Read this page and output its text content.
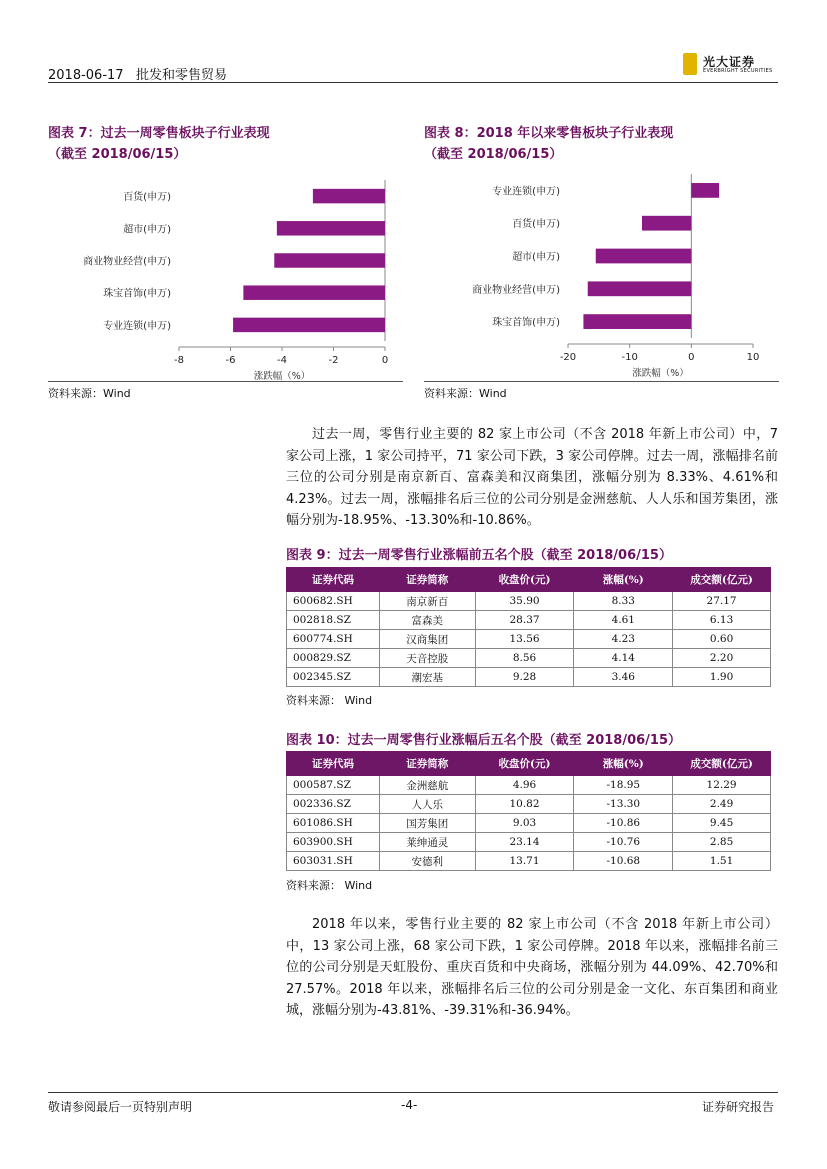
2018-06-17 批发和零售贸易
光大证券
EVERBRIGHT SECURITIES
图表 7：过去一周零售板块子行业表现
（截至 2018/06/15）
-8	-6	-4	-2	0
涨跌幅（%）
百货(申万)
超市(申万)
商业物业经营(申万)
珠宝首饰(申万)
专业连锁(申万)
资料来源：Wind
图表 8：2018 年以来零售板块子行业表现
（截至 2018/06/15）
-20	-10	0	10
涨跌幅（%）
专业连锁(申万)
百货(申万)
超市(申万)
商业物业经营(申万)
珠宝首饰(申万)
资料来源：Wind
过去一周，零售行业主要的 82 家上市公司（不含 2018 年新上市公司）中，7 家公司上涨，1 家公司持平，71 家公司下跌，3 家公司停牌。过去一周，涨幅排名前三位的公司分别是南京新百、富森美和汉商集团，涨幅分别为 8.33%、4.61%和 4.23%。过去一周，涨幅排名后三位的公司分别是金洲慈航、人人乐和国芳集团，涨幅分别为-18.95%、-13.30%和-10.86%。
图表 9：过去一周零售行业涨幅前五名个股（截至 2018/06/15）
证券代码	证券简称	收盘价(元)	涨幅(%)	成交额(亿元)
600682.SH	南京新百	35.90	8.33	27.17
002818.SZ	富森美	28.37	4.61	6.13
600774.SH	汉商集团	13.56	4.23	0.60
000829.SZ	天音控股	8.56	4.14	2.20
002345.SZ	潮宏基	9.28	3.46	1.90
资料来源： Wind
图表 10：过去一周零售行业涨幅后五名个股（截至 2018/06/15）
证券代码	证券简称	收盘价(元)	涨幅(%)	成交额(亿元)
000587.SZ	金洲慈航	4.96	-18.95	12.29
002336.SZ	人人乐	10.82	-13.30	2.49
601086.SH	国芳集团	9.03	-10.86	9.45
603900.SH	莱绅通灵	23.14	-10.76	2.85
603031.SH	安德利	13.71	-10.68	1.51
资料来源： Wind
2018 年以来，零售行业主要的 82 家上市公司（不含 2018 年新上市公司）中，13 家公司上涨，68 家公司下跌，1 家公司停牌。2018 年以来，涨幅排名前三位的公司分别是天虹股份、重庆百货和中央商场，涨幅分别为 44.09%、42.70%和 27.57%。2018 年以来，涨幅排名后三位的公司分别是金一文化、东百集团和商业城，涨幅分别为-43.81%、-39.31%和-36.94%。
敬请参阅最后一页特别声明	-4-	证券研究报告
